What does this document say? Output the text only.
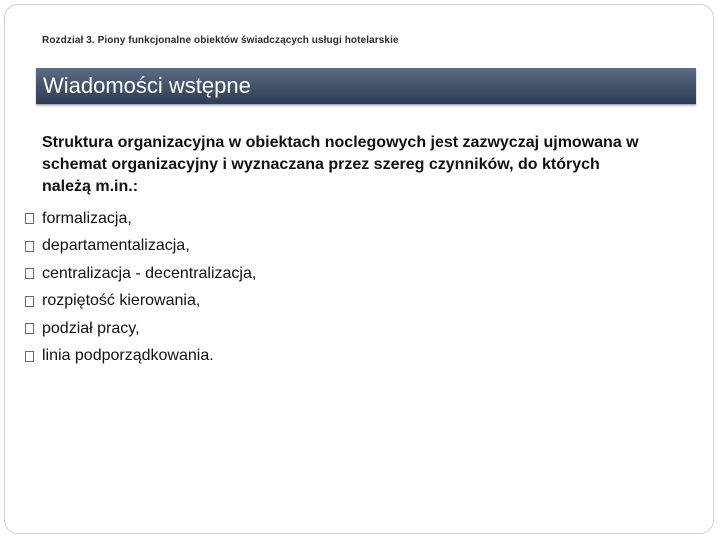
Rozdział 3. Piony funkcjonalne obiektów świadczących usługi hotelarskie
Wiadomości wstępne
Struktura organizacyjna w obiektach noclegowych jest zazwyczaj ujmowana w schemat organizacyjny i wyznaczana przez szereg czynników, do których należą m.in.:
formalizacja,
departamentalizacja,
centralizacja - decentralizacja,
rozpiętość kierowania,
podział pracy,
linia podporządkowania.
